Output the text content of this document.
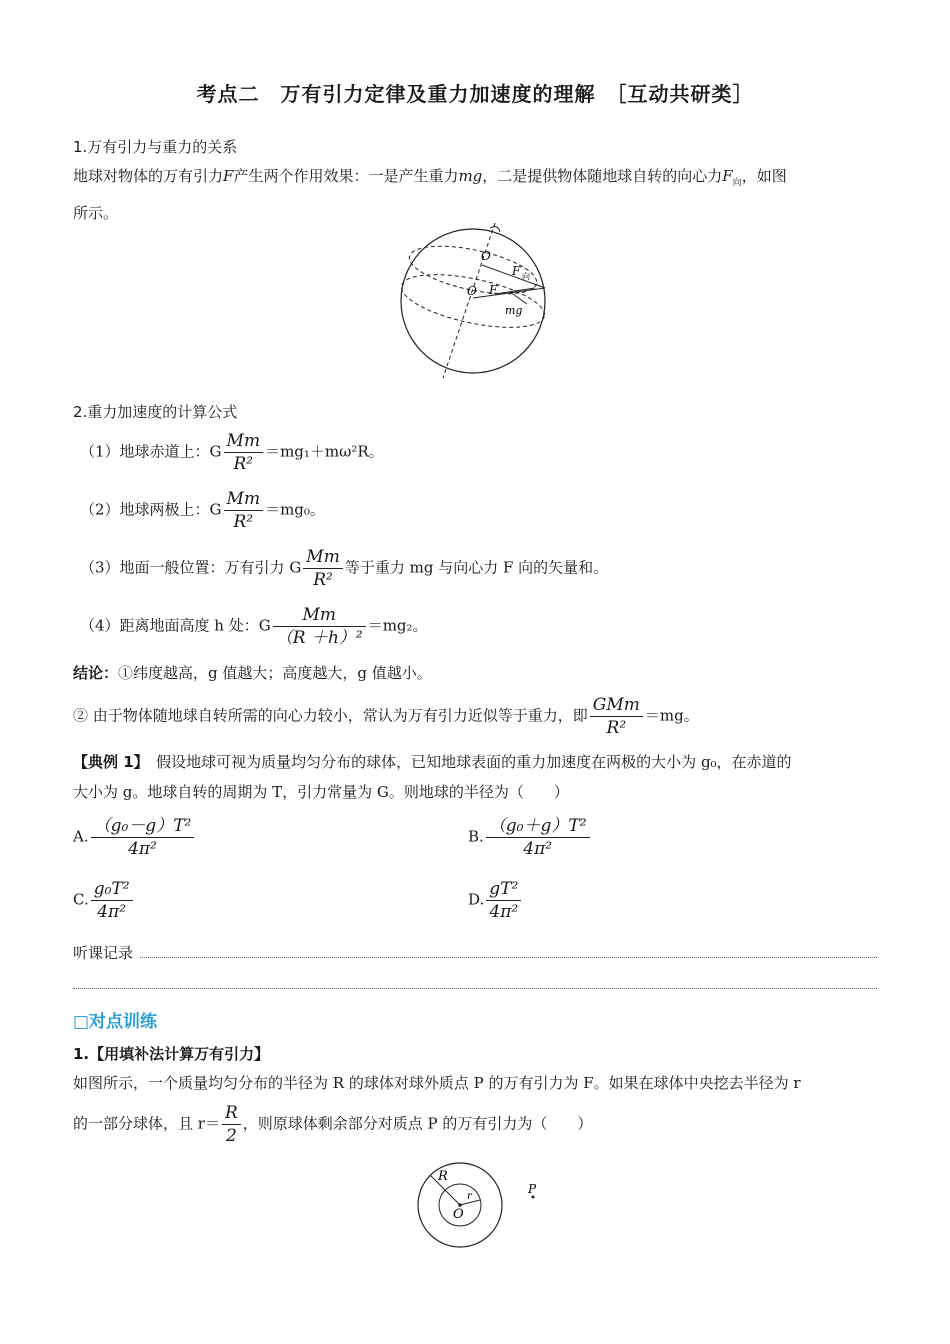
考点二　万有引力定律及重力加速度的理解　［互动共研类］
1.万有引力与重力的关系
地球对物体的万有引力F产生两个作用效果：一是产生重力mg，二是提供物体随地球自转的向心力$F_向$，如图
所示。
O
O
F 向
F
mg
2.重力加速度的计算公式
（1）地球赤道上：G $\frac{Mm}{\text{R²}} =mg_1+m\omega^2R$。
（2）地球两极上：G $\frac{Mm}{\text{R²}} =mg_0$。
（3）地面一般位置：万有引力 G $\frac{Mm}{\text{R²}}$ 等于重力 mg 与向心力 F 向的矢量和。
（4）距离地面高度 h 处：G $\frac{Mm}{\text{（R ＋h）²}} =mg_2$。
结论：①纬度越高，g 值越大；高度越大，g 值越小。
② 由于物体随地球自转所需的向心力较小，常认为万有引力近似等于重力，即 $\frac{\text{GMm}}{\text{R²}} =mg$。
【典例 1】　假设地球可视为质量均匀分布的球体，已知地球表面的重力加速度在两极的大小为 g₀，在赤道的
大小为 g。地球自转的周期为 T，引力常量为 G。则地球的半径为（　　）
A. $\frac{\text{（g₀－g）T²}}{\text{4π²}}$	B. $\frac{\text{（g₀＋g）T²}}{\text{4π²}}$
C. $\frac{\text{g₀T²}}{\text{4π²}}$	D. $\frac{\text{gT²}}{\text{4π²}}$
听课记录
□对点训练
1.【用填补法计算万有引力】
如图所示，一个质量均匀分布的半径为 R 的球体对球外质点 P 的万有引力为 F。如果在球体中央挖去半径为 r
的一部分球体，且 $r= \frac{R}{2}$ ，则原球体剩余部分对质点 P 的万有引力为（　　）
R
r
O
P
